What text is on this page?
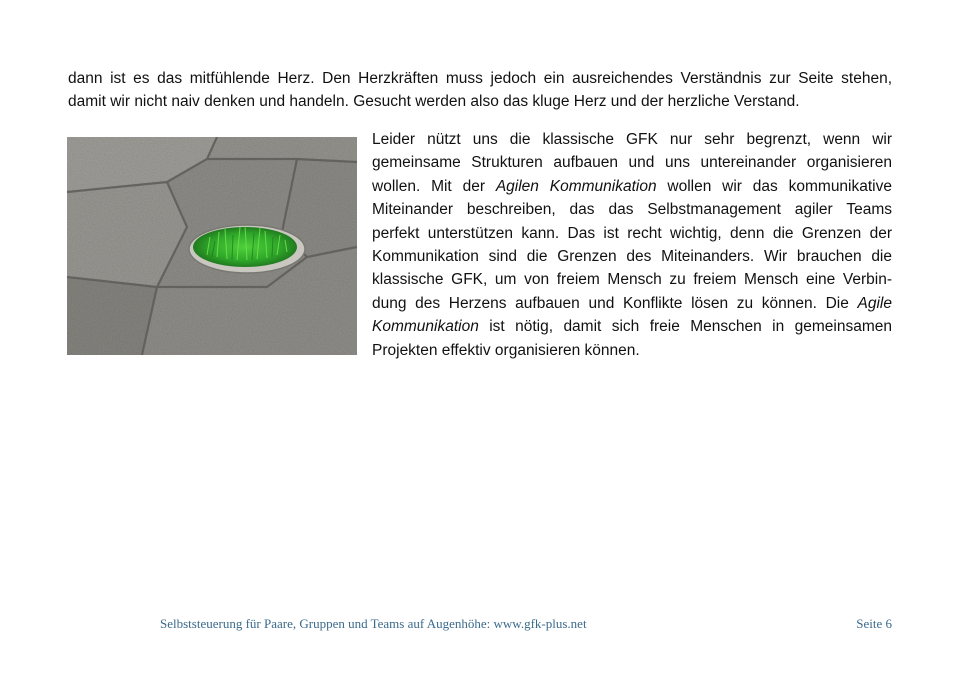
dann ist es das mitfühlende Herz. Den Herzkräften muss jedoch ein ausreichendes Verständnis zur Seite stehen,
damit wir nicht naiv denken und handeln. Gesucht werden also das kluge Herz und der herzliche Verstand.

Leider nützt uns die klassische GFK nur sehr begrenzt, wenn wir
gemeinsame Strukturen aufbauen und uns untereinander organisieren
wollen. Mit der Agilen Kommunikation wollen wir das kommunikative
Miteinander beschreiben, das das Selbstmanagement agiler Teams
perfekt unterstützen kann. Das ist recht wichtig, denn die Grenzen der
Kommunikation sind die Grenzen des Miteinanders. Wir brauchen die
klassische GFK, um von freiem Mensch zu freiem Mensch eine Verbin-
dung des Herzens aufbauen und Konflikte lösen zu können. Die Agile
Kommunikation ist nötig, damit sich freie Menschen in gemeinsamen
Projekten effektiv organisieren können.

Selbststeuerung für Paare, Gruppen und Teams auf Augenhöhe: www.gfk-plus.net	Seite 6
